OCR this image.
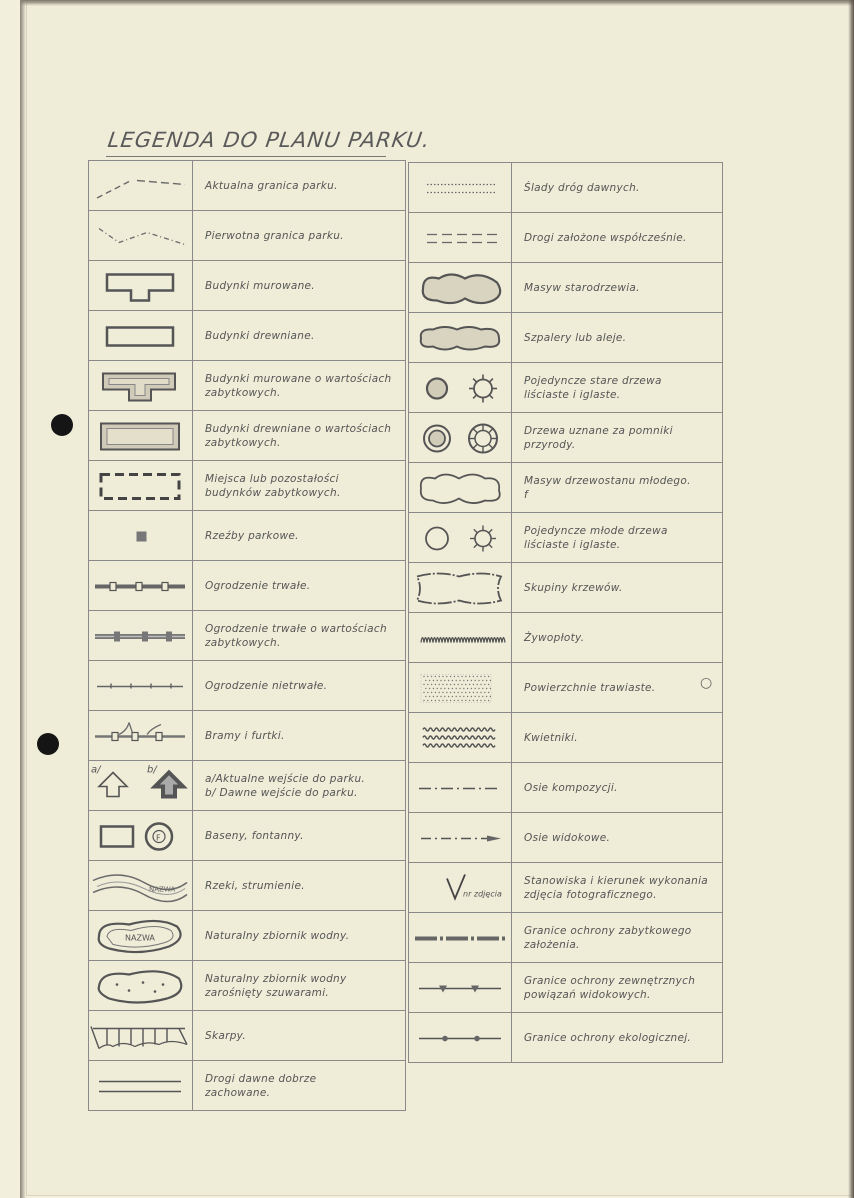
LEGENDA DO PLANU PARKU.
Aktualna granica parku.
Pierwotna granica parku.
Budynki murowane.
Budynki drewniane.
Budynki murowane o wartościach
zabytkowych.
Budynki drewniane o wartościach
zabytkowych.
Miejsca lub pozostałości
budynków zabytkowych.
Rzeźby parkowe.
Ogrodzenie trwałe.
Ogrodzenie trwałe o wartościach
zabytkowych.
Ogrodzenie nietrwałe.
Bramy i furtki.
a/	b/
a/Aktualne wejście do parku.
b/ Dawne wejście do parku.
F	Baseny, fontanny.
NAZWA	Rzeki, strumienie.
NAZWA	Naturalny zbiornik wodny.
Naturalny zbiornik wodny
zarośnięty szuwarami.
Skarpy.
Drogi dawne dobrze
zachowane.
Ślady dróg dawnych.
Drogi założone współcześnie.
Masyw starodrzewia.
Szpalery lub aleje.
Pojedyncze stare drzewa
liściaste i iglaste.
Drzewa uznane za pomniki
przyrody.
Masyw drzewostanu młodego.
f
Pojedyncze młode drzewa
liściaste i iglaste.
Skupiny krzewów.
Żywopłoty.
Powierzchnie trawiaste.
Kwietniki.
Osie kompozycji.
Osie widokowe.
nr zdjęcia
Stanowiska i kierunek wykonania
zdjęcia fotograficznego.
Granice ochrony zabytkowego
założenia.
Granice ochrony zewnętrznych
powiązań widokowych.
Granice ochrony ekologicznej.
○
